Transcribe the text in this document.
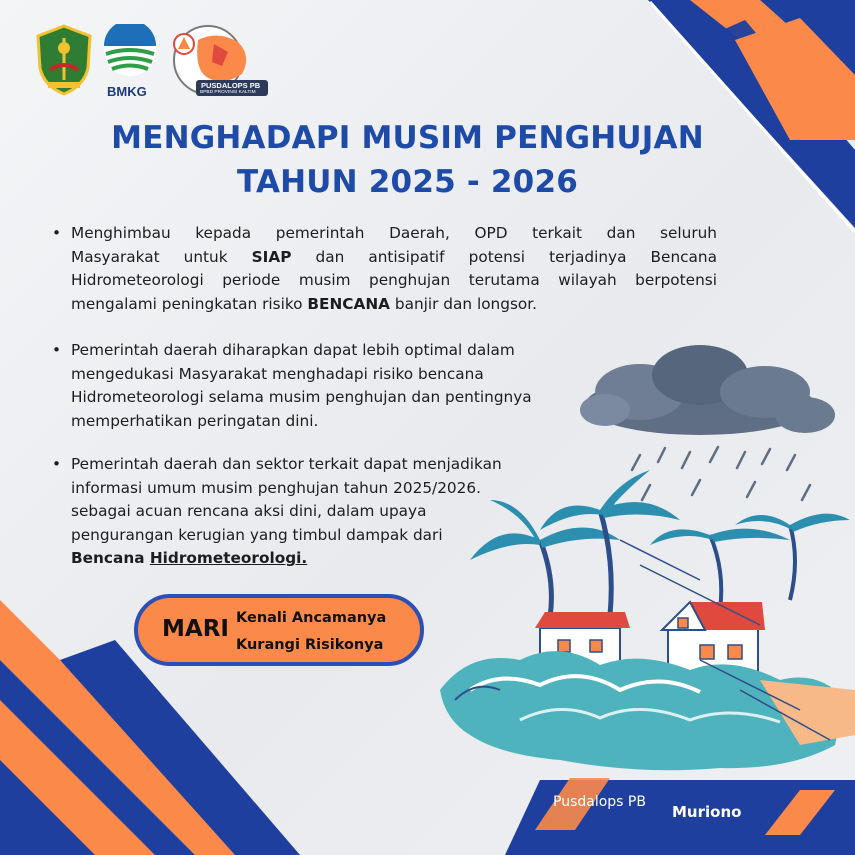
BMKG	PUSDALOPS PB
BPBD PROVINSI KALTIM
MENGHADAPI MUSIM PENGHUJAN
TAHUN 2025 - 2026
• Menghimbau kepada pemerintah Daerah, OPD terkait dan seluruh
Masyarakat untuk SIAP dan antisipatif potensi terjadinya Bencana
Hidrometeorologi periode musim penghujan terutama wilayah berpotensi
mengalami peningkatan risiko BENCANA banjir dan longsor.
• Pemerintah daerah diharapkan dapat lebih optimal dalam
mengedukasi Masyarakat menghadapi risiko bencana
Hidrometeorologi selama musim penghujan dan pentingnya
memperhatikan peringatan dini.
• Pemerintah daerah dan sektor terkait dapat menjadikan
informasi umum musim penghujan tahun 2025/2026.
sebagai acuan rencana aksi dini, dalam upaya
pengurangan kerugian yang timbul dampak dari
Bencana Hidrometeorologi.
MARI Kenali Ancamanya
Kurangi Risikonya
Pusdalops PB
Muriono
